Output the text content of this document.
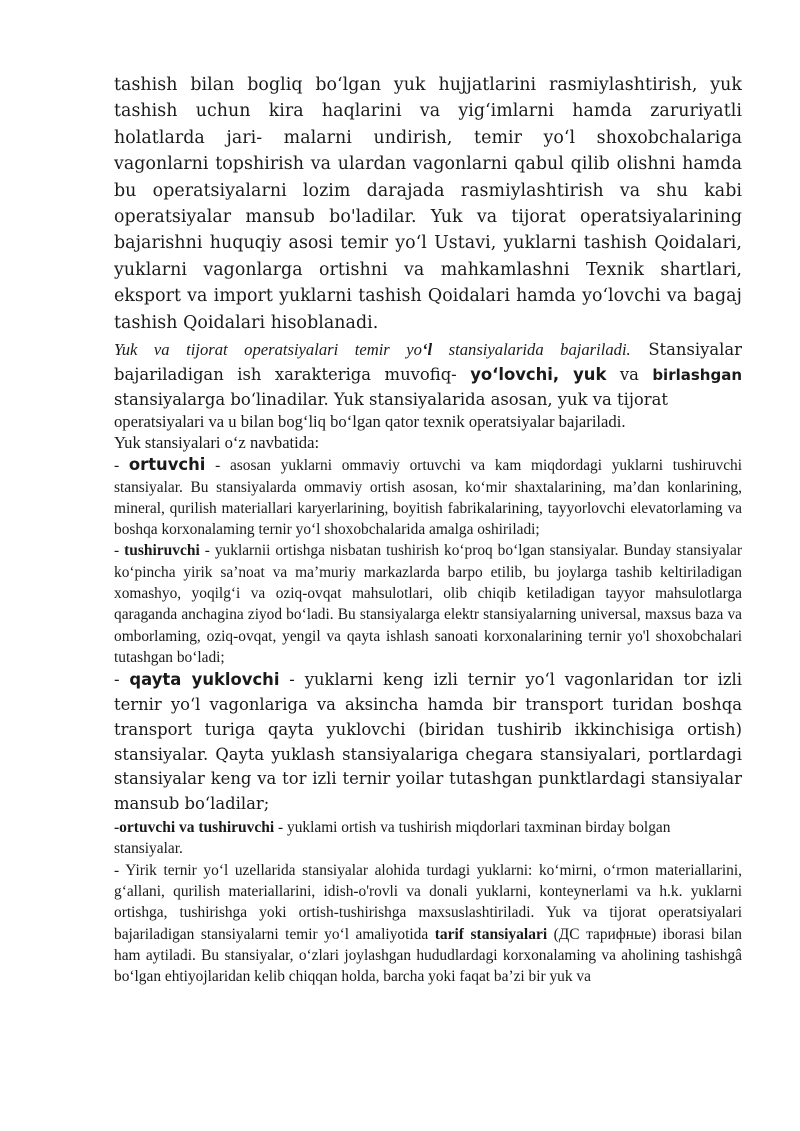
tashish bilan bogliq bo‘lgan yuk hujjatlarini rasmiylashtirish, yuk tashish uchun kira haqlarini va yig‘imlarni hamda zaruriyatli holatlarda jari- malarni undirish, temir yo‘l shoxobchalariga vagonlarni topshirish va ulardan vagonlarni qabul qilib olishni hamda bu operatsiyalarni lozim darajada rasmiylashtirish va shu kabi operatsiyalar mansub bo'ladilar. Yuk va tijorat operatsiyalarining bajarishni huquqiy asosi temir yo‘l Ustavi, yuklarni tashish Qoidalari, yuklarni vagonlarga ortishni va mahkamlashni Texnik shartlari, eksport va import yuklarni tashish Qoidalari hamda yo‘lovchi va bagaj tashish Qoidalari hisoblanadi.

Yuk va tijorat operatsiyalari temir yo‘l stansiyalarida bajariladi. Stansiyalar bajariladigan ish xarakteriga muvofiq- yo‘lovchi, yuk va birlashgan stansiyalarga bo‘linadilar. Yuk stansiyalarida asosan, yuk va tijorat
operatsiyalari va u bilan bog‘liq bo‘lgan qator texnik operatsiyalar bajariladi.

Yuk stansiyalari o‘z navbatida:

- ortuvchi - asosan yuklarni ommaviy ortuvchi va kam miqdordagi yuklarni tushiruvchi stansiyalar. Bu stansiyalarda ommaviy ortish asosan, ko‘mir shaxtalarining, ma’dan konlarining, mineral, qurilish materiallari karyerlarining, boyitish fabrikalarining, tayyorlovchi elevatorlaming va boshqa korxonalaming ternir yo‘l shoxobchalarida amalga oshiriladi;

- tushiruvchi - yuklarnii ortishga nisbatan tushirish ko‘proq bo‘lgan stansiyalar. Bunday stansiyalar ko‘pincha yirik sa’noat va ma’muriy markazlarda barpo etilib, bu joylarga tashib keltiriladigan xomashyo, yoqilg‘i va oziq-ovqat mahsulotlari, olib chiqib ketiladigan tayyor mahsulotlarga qaraganda anchagina ziyod bo‘ladi. Bu stansiyalarga elektr stansiyalarning universal, maxsus baza va omborlaming, oziq-ovqat, yengil va qayta ishlash sanoati korxonalarining ternir yo'l shoxobchalari tutashgan bo‘ladi;

- qayta yuklovchi - yuklarni keng izli ternir yo‘l vagonlaridan tor izli ternir yo‘l vagonlariga va aksincha hamda bir transport turidan boshqa transport turiga qayta yuklovchi (biridan tushirib ikkinchisiga ortish) stansiyalar. Qayta yuklash stansiyalariga chegara stansiyalari, portlardagi stansiyalar keng va tor izli ternir yoilar tutashgan punktlardagi stansiyalar mansub bo‘ladilar;

-ortuvchi va tushiruvchi - yuklami ortish va tushirish miqdorlari taxminan birday bolgan stansiyalar.

- Yirik ternir yo‘l uzellarida stansiyalar alohida turdagi yuklarni: ko‘mirni, o‘rmon materiallarini, g‘allani, qurilish materiallarini, idish-o'rovli va donali yuklarni, konteynerlami va h.k. yuklarni ortishga, tushirishga yoki ortish-tushirishga maxsuslashtiriladi. Yuk va tijorat operatsiyalari bajariladigan stansiyalarni temir yo‘l amaliyotida tarif stansiyalari (ДС тарифные) iborasi bilan ham aytiladi. Bu stansiyalar, o‘zlari joylashgan hududlardagi korxonalaming va aholining tashishgâ bo‘lgan ehtiyojlaridan kelib chiqqan holda, barcha yoki faqat ba’zi bir yuk va
